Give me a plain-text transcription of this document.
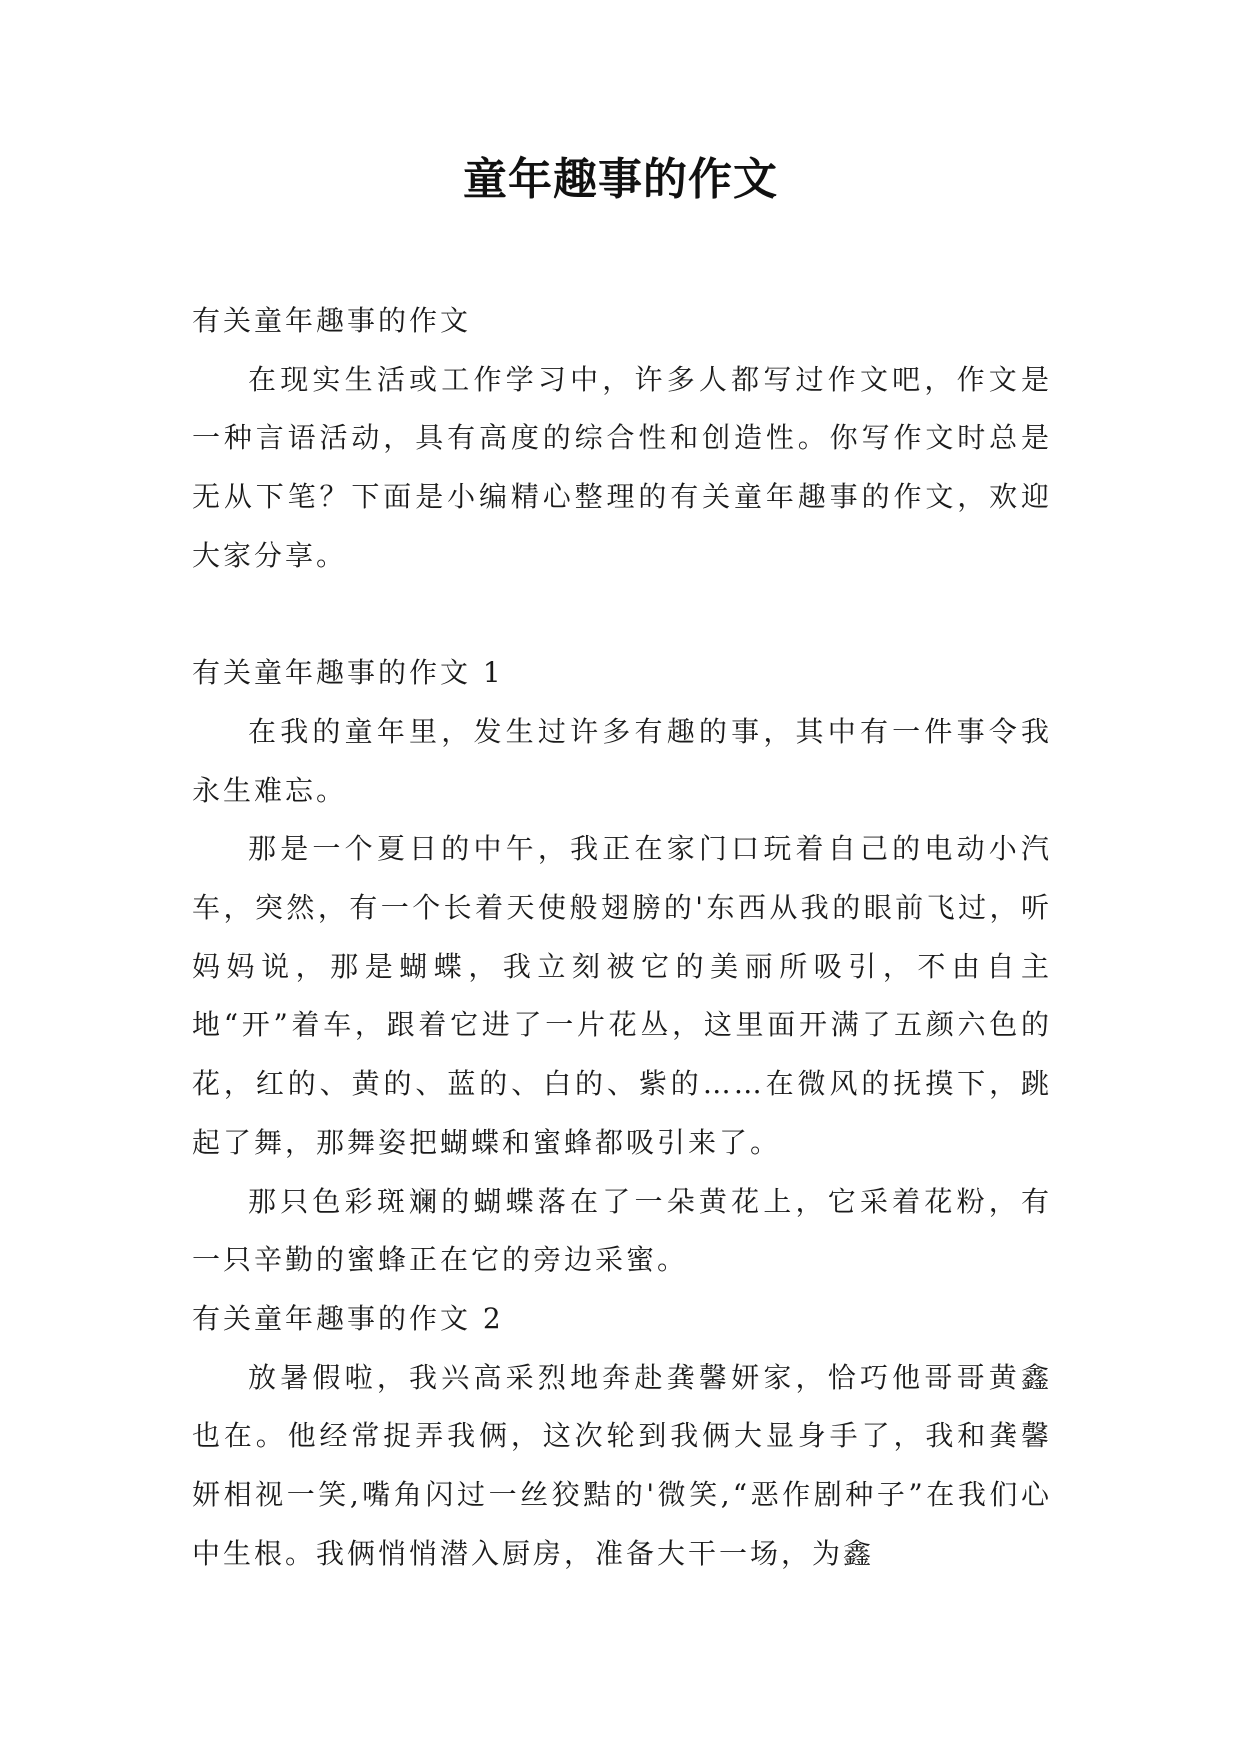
童年趣事的作文
有关童年趣事的作文

在现实生活或工作学习中，许多人都写过作文吧，作文是一种言语活动，具有高度的综合性和创造性。你写作文时总是无从下笔？下面是小编精心整理的有关童年趣事的作文，欢迎大家分享。

有关童年趣事的作文 1

在我的童年里，发生过许多有趣的事，其中有一件事令我永生难忘。

那是一个夏日的中午，我正在家门口玩着自己的电动小汽车，突然，有一个长着天使般翅膀的'东西从我的眼前飞过，听妈妈说，那是蝴蝶，我立刻被它的美丽所吸引，不由自主地“开”着车，跟着它进了一片花丛，这里面开满了五颜六色的花，红的、黄的、蓝的、白的、紫的……在微风的抚摸下，跳起了舞，那舞姿把蝴蝶和蜜蜂都吸引来了。

那只色彩斑斓的蝴蝶落在了一朵黄花上，它采着花粉，有一只辛勤的蜜蜂正在它的旁边采蜜。

有关童年趣事的作文 2

放暑假啦，我兴高采烈地奔赴龚馨妍家，恰巧他哥哥黄鑫也在。他经常捉弄我俩，这次轮到我俩大显身手了，我和龚馨妍相视一笑,嘴角闪过一丝狡黠的'微笑,“恶作剧种子”在我们心中生根。我俩悄悄潜入厨房，准备大干一场，为鑫
